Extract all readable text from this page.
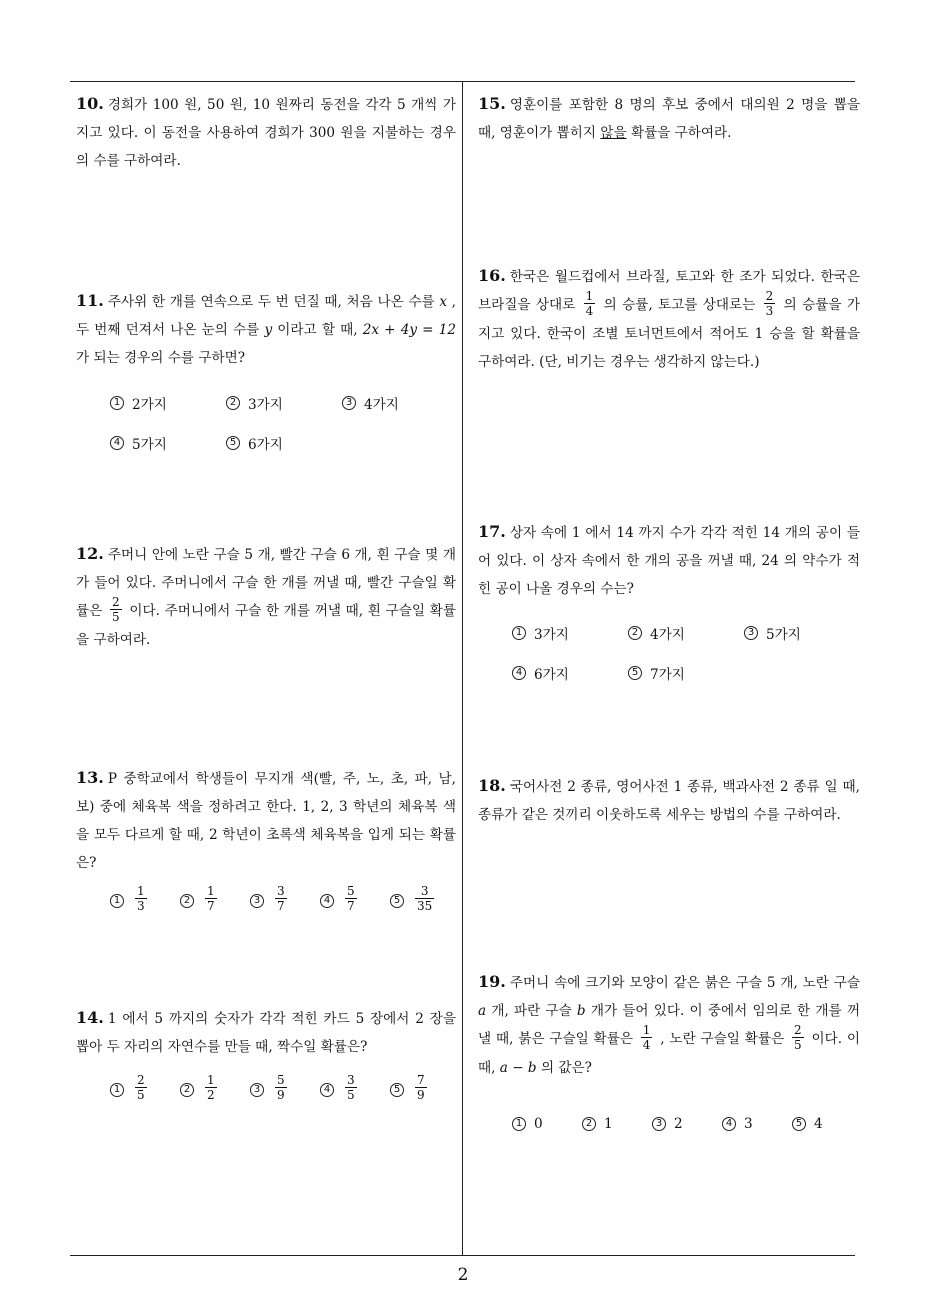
10. 경희가 100 원, 50 원, 10 원짜리 동전을 각각 5 개씩 가지고 있다. 이 동전을 사용하여 경희가 300 원을 지불하는 경우의 수를 구하여라.
11. 주사위 한 개를 연속으로 두 번 던질 때, 처음 나온 수를 x , 두 번째 던져서 나온 눈의 수를 y 이라고 할 때, 2x + 4y = 12 가 되는 경우의 수를 구하면?
1 2가지	2 3가지	3 4가지
4 5가지	5 6가지
12. 주머니 안에 노란 구슬 5 개, 빨간 구슬 6 개, 흰 구슬 몇 개가 들어 있다. 주머니에서 구슬 한 개를 꺼낼 때, 빨간 구슬일 확률은 $\frac{2}{5}$ 이다. 주머니에서 구슬 한 개를 꺼낼 때, 흰 구슬일 확률을 구하여라.
13. P 중학교에서 학생들이 무지개 색(빨, 주, 노, 초, 파, 남, 보) 중에 체육복 색을 정하려고 한다. 1, 2, 3 학년의 체육복 색을 모두 다르게 할 때, 2 학년이 초록색 체육복을 입게 되는 확률은?
1	$\frac{1}{3}$	2	$\frac{1}{7}$	3	$\frac{3}{7}$	4	$\frac{5}{7}$	5	$\frac{3}{35}$
14. 1 에서 5 까지의 숫자가 각각 적힌 카드 5 장에서 2 장을 뽑아 두 자리의 자연수를 만들 때, 짝수일 확률은?
1	$\frac{2}{5}$	2	$\frac{1}{2}$	3	$\frac{5}{9}$	4	$\frac{3}{5}$	5	$\frac{7}{9}$
15. 영훈이를 포함한 8 명의 후보 중에서 대의원 2 명을 뽑을 때, 영훈이가 뽑히지 않을 확률을 구하여라.
16. 한국은 월드컵에서 브라질, 토고와 한 조가 되었다. 한국은 브라질을 상대로 $\frac{1}{4}$ 의 승률, 토고를 상대로는 $\frac{2}{3}$ 의 승률을 가지고 있다. 한국이 조별 토너먼트에서 적어도 1 승을 할 확률을 구하여라. (단, 비기는 경우는 생각하지 않는다.)
17. 상자 속에 1 에서 14 까지 수가 각각 적힌 14 개의 공이 들어 있다. 이 상자 속에서 한 개의 공을 꺼낼 때, 24 의 약수가 적힌 공이 나올 경우의 수는?
1 3가지	2 4가지	3 5가지
4 6가지	5 7가지
18. 국어사전 2 종류, 영어사전 1 종류, 백과사전 2 종류 일 때, 종류가 같은 것끼리 이웃하도록 세우는 방법의 수를 구하여라.
19. 주머니 속에 크기와 모양이 같은 붉은 구슬 5 개, 노란 구슬 a 개, 파란 구슬 b 개가 들어 있다. 이 중에서 임의로 한 개를 꺼낼 때, 붉은 구슬일 확률은 $\frac{1}{4}$ , 노란 구슬일 확률은 $\frac{2}{5}$ 이다. 이때, a − b 의 값은?
1 0	2 1	3 2	4 3	5 4
2
